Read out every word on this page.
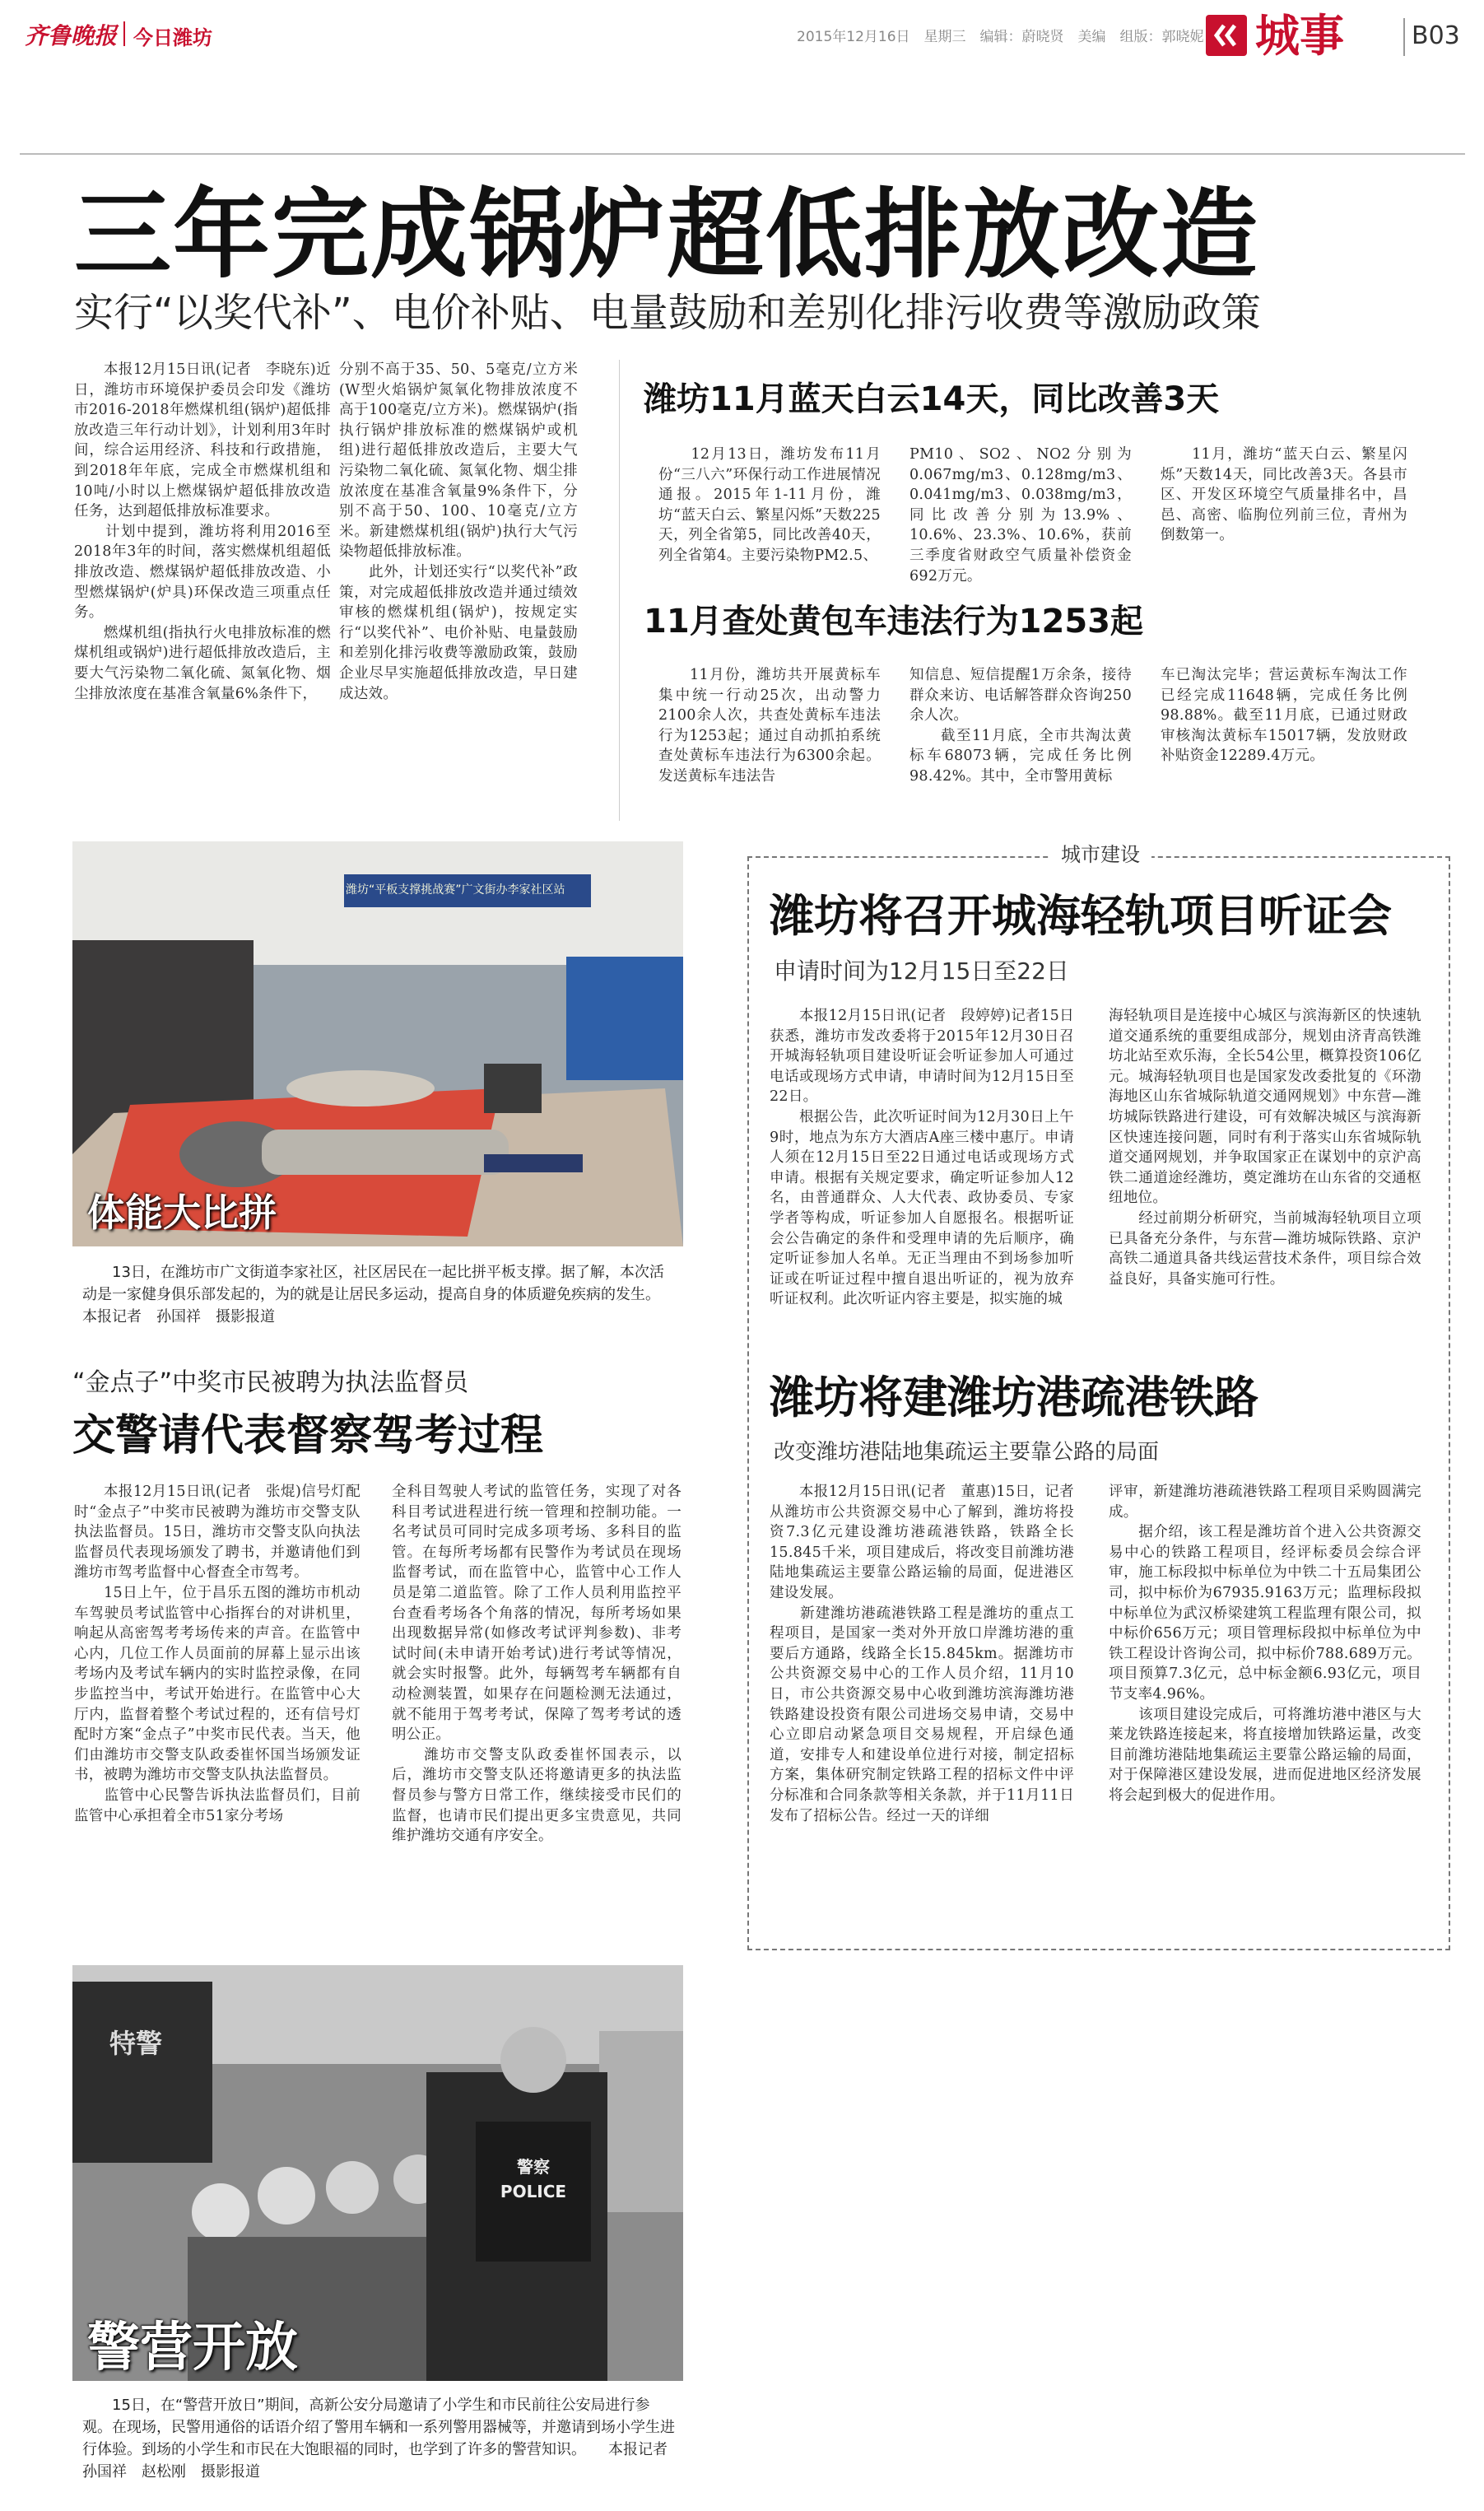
齐鲁晚报 今日潍坊	2015年12月16日　星期三　编辑：蔚晓贤　美编　组版：郭晓妮 城事	B03
三年完成锅炉超低排放改造
实行“以奖代补”、电价补贴、电量鼓励和差别化排污收费等激励政策
　　本报12月15日讯(记者　李晓东)近日，潍坊市环境保护委员会印发《潍坊市2016-2018年燃煤机组(锅炉)超低排放改造三年行动计划》，计划利用3年时间，综合运用经济、科技和行政措施，到2018年年底，完成全市燃煤机组和10吨/小时以上燃煤锅炉超低排放改造任务，达到超低排放标准要求。
　　计划中提到，潍坊将利用2016至2018年3年的时间，落实燃煤机组超低排放改造、燃煤锅炉超低排放改造、小型燃煤锅炉(炉具)环保改造三项重点任务。
　　燃煤机组(指执行火电排放标准的燃煤机组或锅炉)进行超低排放改造后，主要大气污染物二氧化硫、氮氧化物、烟尘排放浓度在基准含氧量6%条件下，
分别不高于35、50、5毫克/立方米(W型火焰锅炉氮氧化物排放浓度不高于100毫克/立方米)。燃煤锅炉(指执行锅炉排放标准的燃煤锅炉或机组)进行超低排放改造后，主要大气污染物二氧化硫、氮氧化物、烟尘排放浓度在基准含氧量9%条件下，分别不高于50、100、10毫克/立方米。新建燃煤机组(锅炉)执行大气污染物超低排放标准。
　　此外，计划还实行“以奖代补”政策，对完成超低排放改造并通过绩效审核的燃煤机组(锅炉)，按规定实行“以奖代补”、电价补贴、电量鼓励和差别化排污收费等激励政策，鼓励企业尽早实施超低排放改造，早日建成达效。
潍坊11月蓝天白云14天，同比改善3天
　　12月13日，潍坊发布11月份“三八六”环保行动工作进展情况通报。2015年1-11月份，潍坊“蓝天白云、繁星闪烁”天数225天，列全省第5，同比改善40天，列全省第4。主要污染物PM2.5、
PM10、SO2、NO2分别为0.067mg/m3、0.128mg/m3、0.041mg/m3、0.038mg/m3，同比改善分别为13.9%、10.6%、23.3%、10.6%，获前三季度省财政空气质量补偿资金692万元。
　　11月，潍坊“蓝天白云、繁星闪烁”天数14天，同比改善3天。各县市区、开发区环境空气质量排名中，昌邑、高密、临朐位列前三位，青州为倒数第一。
11月查处黄包车违法行为1253起
　　11月份，潍坊共开展黄标车集中统一行动25次，出动警力2100余人次，共查处黄标车违法行为1253起；通过自动抓拍系统查处黄标车违法行为6300余起。发送黄标车违法告
知信息、短信提醒1万余条，接待群众来访、电话解答群众咨询250余人次。
　　截至11月底，全市共淘汰黄标车68073辆，完成任务比例98.42%。其中，全市警用黄标
车已淘汰完毕；营运黄标车淘汰工作已经完成11648辆，完成任务比例98.88%。截至11月底，已通过财政审核淘汰黄标车15017辆，发放财政补贴资金12289.4万元。
潍坊“平板支撑挑战赛”广文街办李家社区站
体能大比拼
　　13日，在潍坊市广文街道李家社区，社区居民在一起比拼平板支撑。据了解，本次活动是一家健身俱乐部发起的，为的就是让居民多运动，提高自身的体质避免疾病的发生。　　　　本报记者　孙国祥　摄影报道
“金点子”中奖市民被聘为执法监督员
交警请代表督察驾考过程
　　本报12月15日讯(记者　张焜)信号灯配时“金点子”中奖市民被聘为潍坊市交警支队执法监督员。15日，潍坊市交警支队向执法监督员代表现场颁发了聘书，并邀请他们到潍坊市驾考监督中心督查全市驾考。
　　15日上午，位于昌乐五图的潍坊市机动车驾驶员考试监管中心指挥台的对讲机里，响起从高密驾考考场传来的声音。在监管中心内，几位工作人员面前的屏幕上显示出该考场内及考试车辆内的实时监控录像，在同步监控当中，考试开始进行。在监管中心大厅内，监督着整个考试过程的，还有信号灯配时方案“金点子”中奖市民代表。当天，他们由潍坊市交警支队政委崔怀国当场颁发证书，被聘为潍坊市交警支队执法监督员。
　　监管中心民警告诉执法监督员们，目前监管中心承担着全市51家分考场
全科目驾驶人考试的监管任务，实现了对各科目考试进程进行统一管理和控制功能。一名考试员可同时完成多项考场、多科目的监管。在每所考场都有民警作为考试员在现场监督考试，而在监管中心，监管中心工作人员是第二道监管。除了工作人员利用监控平台查看考场各个角落的情况，每所考场如果出现数据异常(如修改考试评判参数)、非考试时间(未申请开始考试)进行考试等情况，就会实时报警。此外，每辆驾考车辆都有自动检测装置，如果存在问题检测无法通过，就不能用于驾考考试，保障了驾考考试的透明公正。
　　潍坊市交警支队政委崔怀国表示，以后，潍坊市交警支队还将邀请更多的执法监督员参与警方日常工作，继续接受市民们的监督，也请市民们提出更多宝贵意见，共同维护潍坊交通有序安全。
特警
警察 POLICE
警营开放
　　15日，在“警营开放日”期间，高新公安分局邀请了小学生和市民前往公安局进行参观。在现场，民警用通俗的话语介绍了警用车辆和一系列警用器械等，并邀请到场小学生进行体验。到场的小学生和市民在大饱眼福的同时，也学到了许多的警营知识。　　本报记者　孙国祥　赵松刚　摄影报道
城市建设
潍坊将召开城海轻轨项目听证会
申请时间为12月15日至22日
　　本报12月15日讯(记者　段婷婷)记者15日获悉，潍坊市发改委将于2015年12月30日召开城海轻轨项目建设听证会听证参加人可通过电话或现场方式申请，申请时间为12月15日至22日。
　　根据公告，此次听证时间为12月30日上午9时，地点为东方大酒店A座三楼中惠厅。申请人须在12月15日至22日通过电话或现场方式申请。根据有关规定要求，确定听证参加人12名，由普通群众、人大代表、政协委员、专家学者等构成，听证参加人自愿报名。根据听证会公告确定的条件和受理申请的先后顺序，确定听证参加人名单。无正当理由不到场参加听证或在听证过程中擅自退出听证的，视为放弃听证权利。此次听证内容主要是，拟实施的城
海轻轨项目是连接中心城区与滨海新区的快速轨道交通系统的重要组成部分，规划由济青高铁潍坊北站至欢乐海，全长54公里，概算投资106亿元。城海轻轨项目也是国家发改委批复的《环渤海地区山东省城际轨道交通网规划》中东营—潍坊城际铁路进行建设，可有效解决城区与滨海新区快速连接问题，同时有利于落实山东省城际轨道交通网规划，并争取国家正在谋划中的京沪高铁二通道途经潍坊，奠定潍坊在山东省的交通枢纽地位。
　　经过前期分析研究，当前城海轻轨项目立项已具备充分条件，与东营—潍坊城际铁路、京沪高铁二通道具备共线运营技术条件，项目综合效益良好，具备实施可行性。
潍坊将建潍坊港疏港铁路
改变潍坊港陆地集疏运主要靠公路的局面
　　本报12月15日讯(记者　董惠)15日，记者从潍坊市公共资源交易中心了解到，潍坊将投资7.3亿元建设潍坊港疏港铁路，铁路全长15.845千米，项目建成后，将改变目前潍坊港陆地集疏运主要靠公路运输的局面，促进港区建设发展。
　　新建潍坊港疏港铁路工程是潍坊的重点工程项目，是国家一类对外开放口岸潍坊港的重要后方通路，线路全长15.845km。据潍坊市公共资源交易中心的工作人员介绍，11月10日，市公共资源交易中心收到潍坊滨海潍坊港铁路建设投资有限公司进场交易申请，交易中心立即启动紧急项目交易规程，开启绿色通道，安排专人和建设单位进行对接，制定招标方案，集体研究制定铁路工程的招标文件中评分标准和合同条款等相关条款，并于11月11日发布了招标公告。经过一天的详细
评审，新建潍坊港疏港铁路工程项目采购圆满完成。
　　据介绍，该工程是潍坊首个进入公共资源交易中心的铁路工程项目，经评标委员会综合评审，施工标段拟中标单位为中铁二十五局集团公司，拟中标价为67935.9163万元；监理标段拟中标单位为武汉桥梁建筑工程监理有限公司，拟中标价656万元；项目管理标段拟中标单位为中铁工程设计咨询公司，拟中标价788.689万元。项目预算7.3亿元，总中标金额6.93亿元，项目节支率4.96%。
　　该项目建设完成后，可将潍坊港中港区与大莱龙铁路连接起来，将直接增加铁路运量，改变目前潍坊港陆地集疏运主要靠公路运输的局面，对于保障港区建设发展，进而促进地区经济发展将会起到极大的促进作用。
